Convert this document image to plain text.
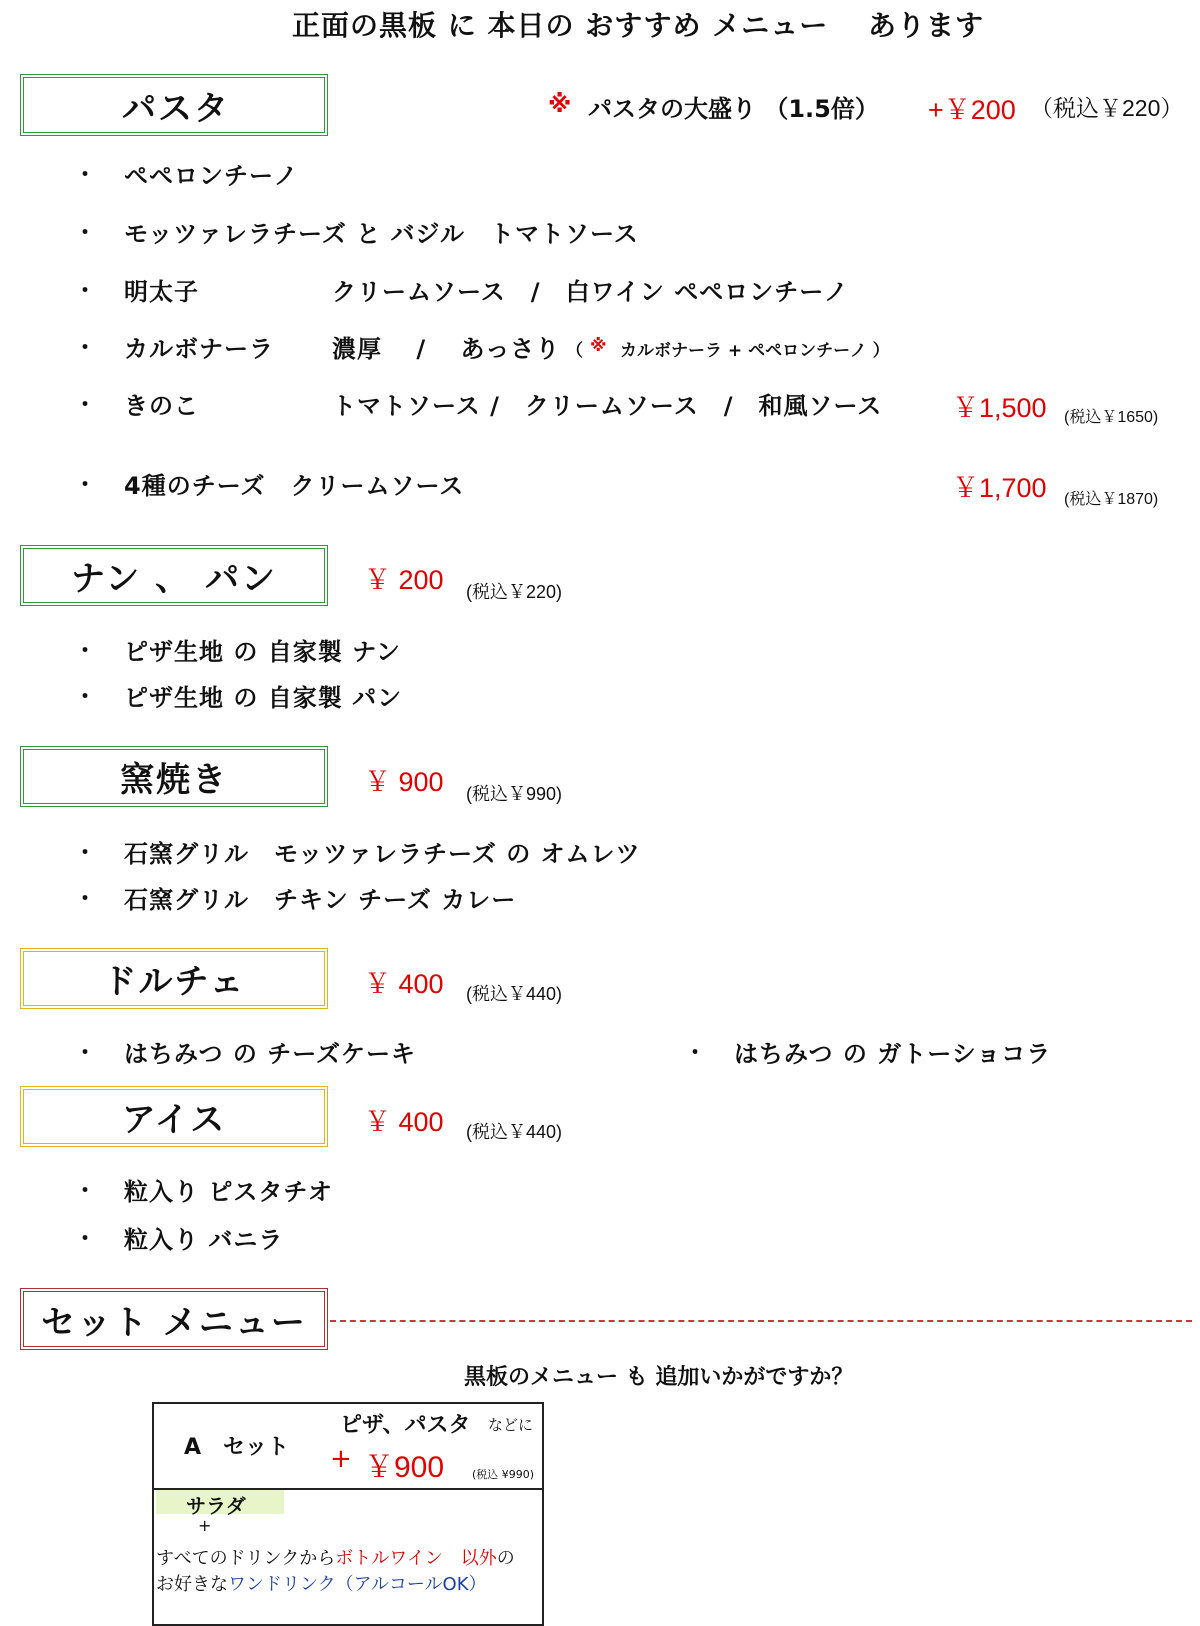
正面の黒板 に 本日の おすすめ メニュー　 あります
パスタ	※ パスタの大盛り （1.5倍） +￥200 （税込￥220）
・ ペペロンチーノ
・ モッツァレラチーズ と バジル　トマトソース
・ 明太子	クリームソース　/　白ワイン ペペロンチーノ
・ カルボナーラ 濃厚　 /　 あっさり （ ※ カルボナーラ + ペペロンチーノ ）
・ きのこ	トマトソース /　クリームソース　/　和風ソース	￥1,500 (税込￥1650)
・ 4種のチーズ　クリームソース	￥1,700 (税込￥1870)
ナン 、 パン	￥ 200 (税込￥220)
・ ピザ生地 の 自家製 ナン
・ ピザ生地 の 自家製 パン
窯焼き	￥ 900 (税込￥990)
・ 石窯グリル　モッツァレラチーズ の オムレツ
・ 石窯グリル　チキン チーズ カレー
ドルチェ	￥ 400 (税込￥440)
・ はちみつ の チーズケーキ	・ はちみつ の ガトーショコラ
アイス	￥ 400 (税込￥440)
・ 粒入り ピスタチオ
・ 粒入り バニラ
セット メニュー
黒板のメニュー も 追加いかがですか？
A　セット
ピザ、パスタ などに
+ ￥900	(税込 ¥990)
サラダ
+
すべてのドリンクからボトルワイン　以外の
お好きなワンドリンク（アルコールOK）
